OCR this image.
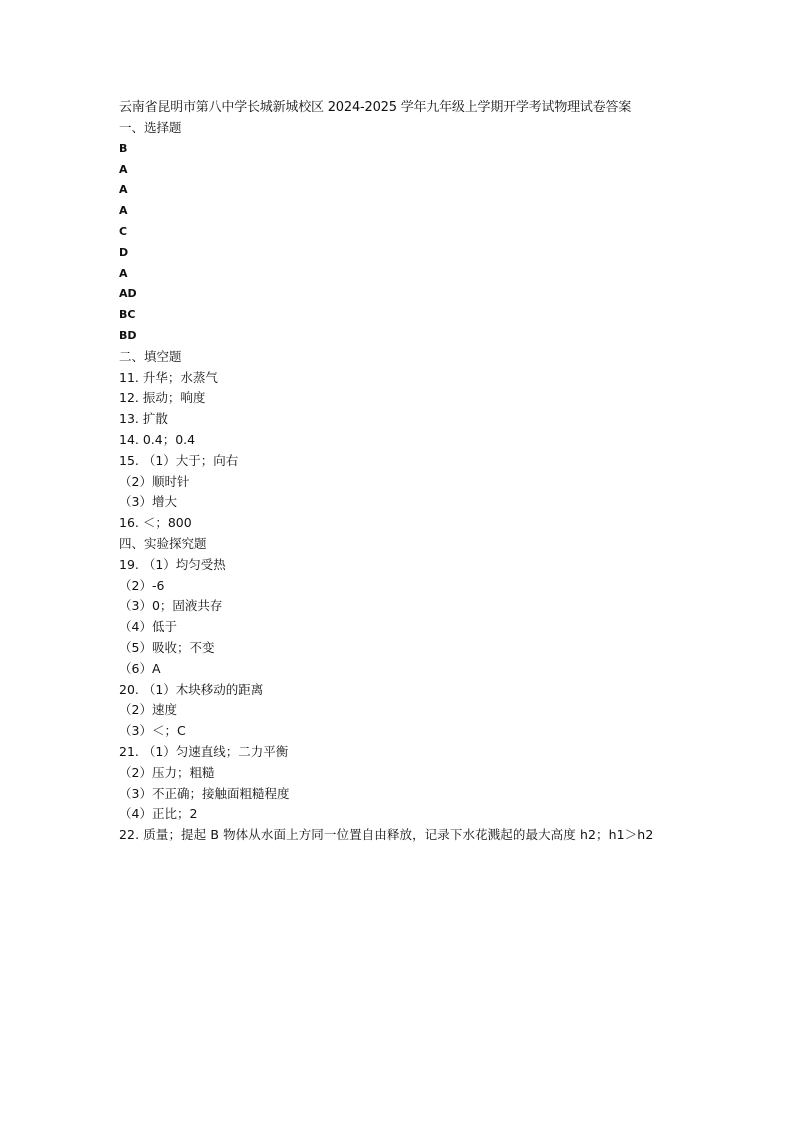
云南省昆明市第八中学长城新城校区 2024-2025 学年九年级上学期开学考试物理试卷答案
一、选择题
B
A
A
A
C
D
A
AD
BC
BD
二、填空题
11. 升华；水蒸气
12. 振动；响度
13. 扩散
14. 0.4；0.4
15. （1）大于；向右
（2）顺时针
（3）增大
16. ＜；800
四、实验探究题
19. （1）均匀受热
（2）-6
（3）0；固液共存
（4）低于
（5）吸收；不变
（6）A
20. （1）木块移动的距离
（2）速度
（3）＜；C
21. （1）匀速直线；二力平衡
（2）压力；粗糙
（3）不正确；接触面粗糙程度
（4）正比；2
22. 质量；提起 B 物体从水面上方同一位置自由释放，记录下水花溅起的最大高度 h2；h1＞h2
